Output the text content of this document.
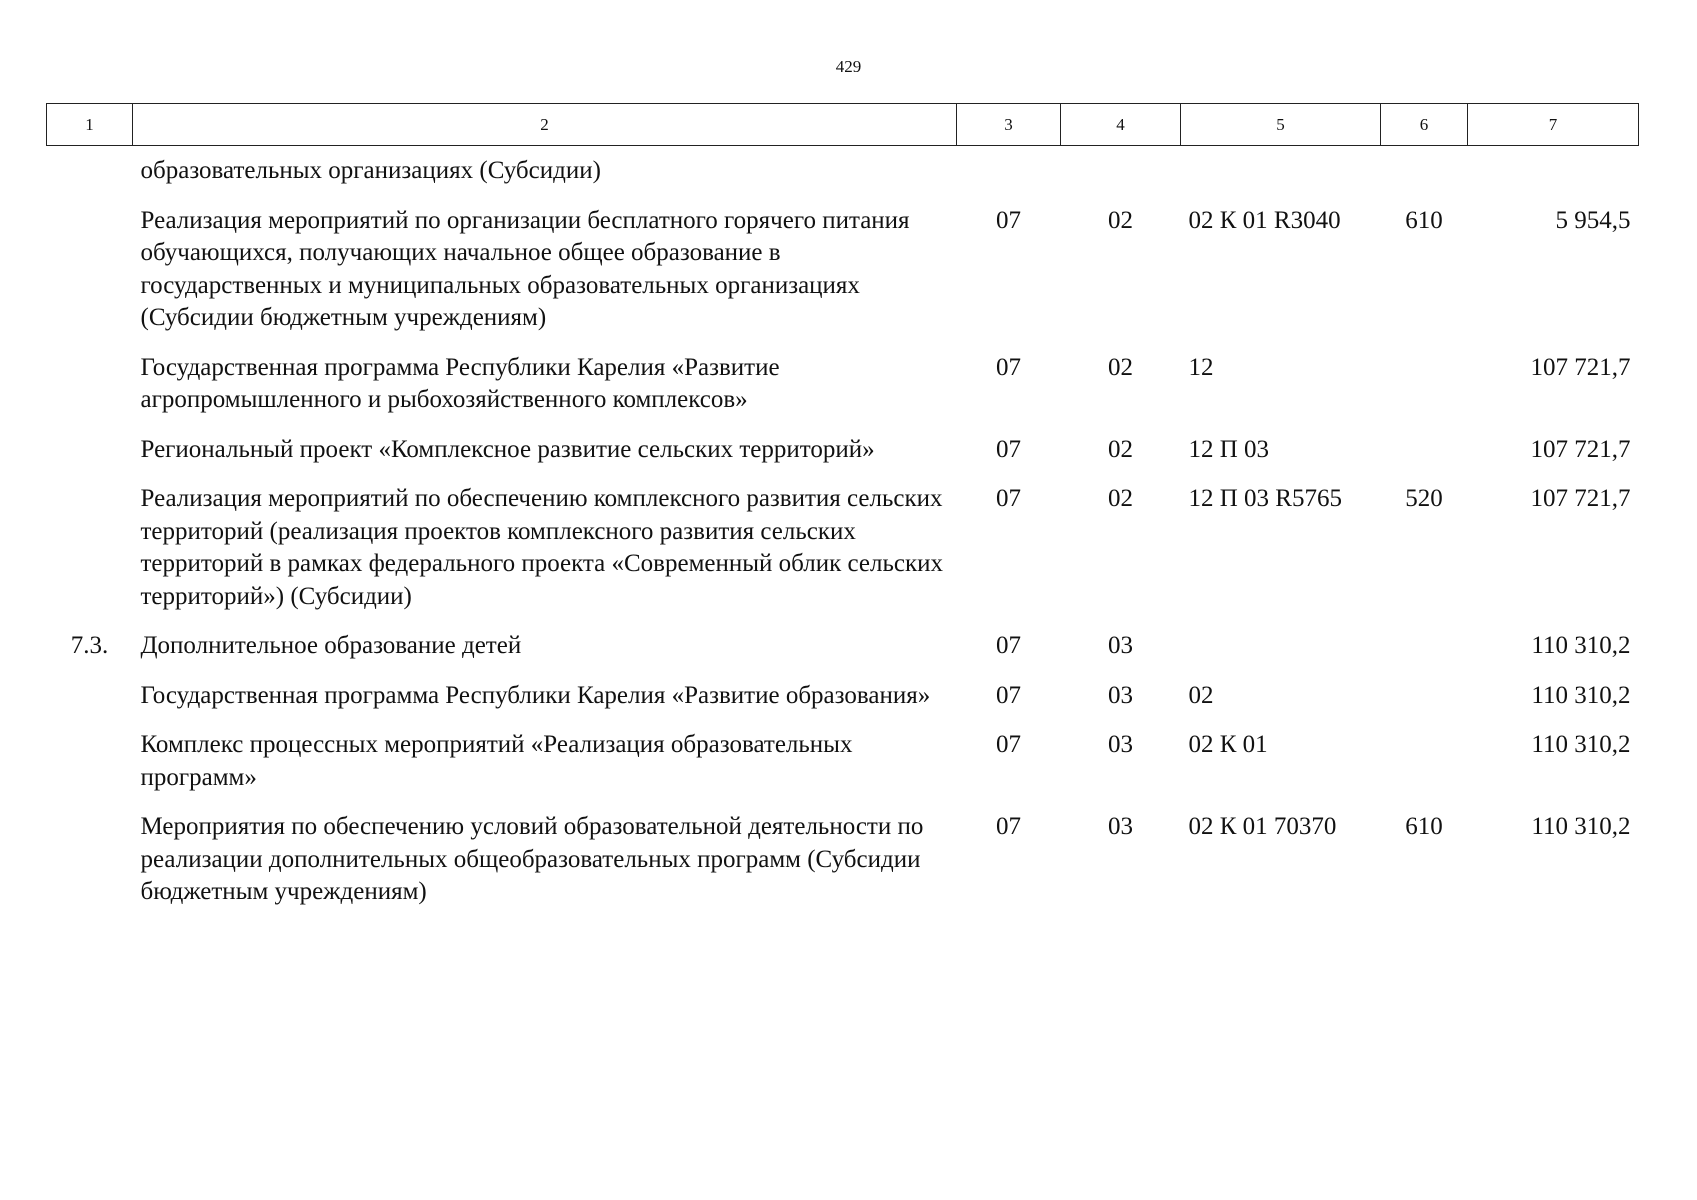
429
1	2	3	4	5	6	7
	образовательных организациях (Субсидии)					
	Реализация мероприятий по организации бесплатного горячего питания обучающихся, получающих начальное общее образование в государственных и муниципальных образовательных организациях (Субсидии бюджетным учреждениям)	07	02	02 К 01 R3040	610	5 954,5
	Государственная программа Республики Карелия «Развитие агропромышленного и рыбохозяйственного комплексов»	07	02	12		107 721,7
	Региональный проект «Комплексное развитие сельских территорий»	07	02	12 П 03		107 721,7
	Реализация мероприятий по обеспечению комплексного развития сельских территорий (реализация проектов комплексного развития сельских территорий в рамках федерального проекта «Современный облик сельских территорий») (Субсидии)	07	02	12 П 03 R5765	520	107 721,7
7.3.	Дополнительное образование детей	07	03			110 310,2
	Государственная программа Республики Карелия «Развитие образования»	07	03	02		110 310,2
	Комплекс процессных мероприятий «Реализация образовательных программ»	07	03	02 К 01		110 310,2
	Мероприятия по обеспечению условий образовательной деятельности по реализации дополнительных общеобразовательных программ (Субсидии бюджетным учреждениям)	07	03	02 К 01 70370	610	110 310,2
